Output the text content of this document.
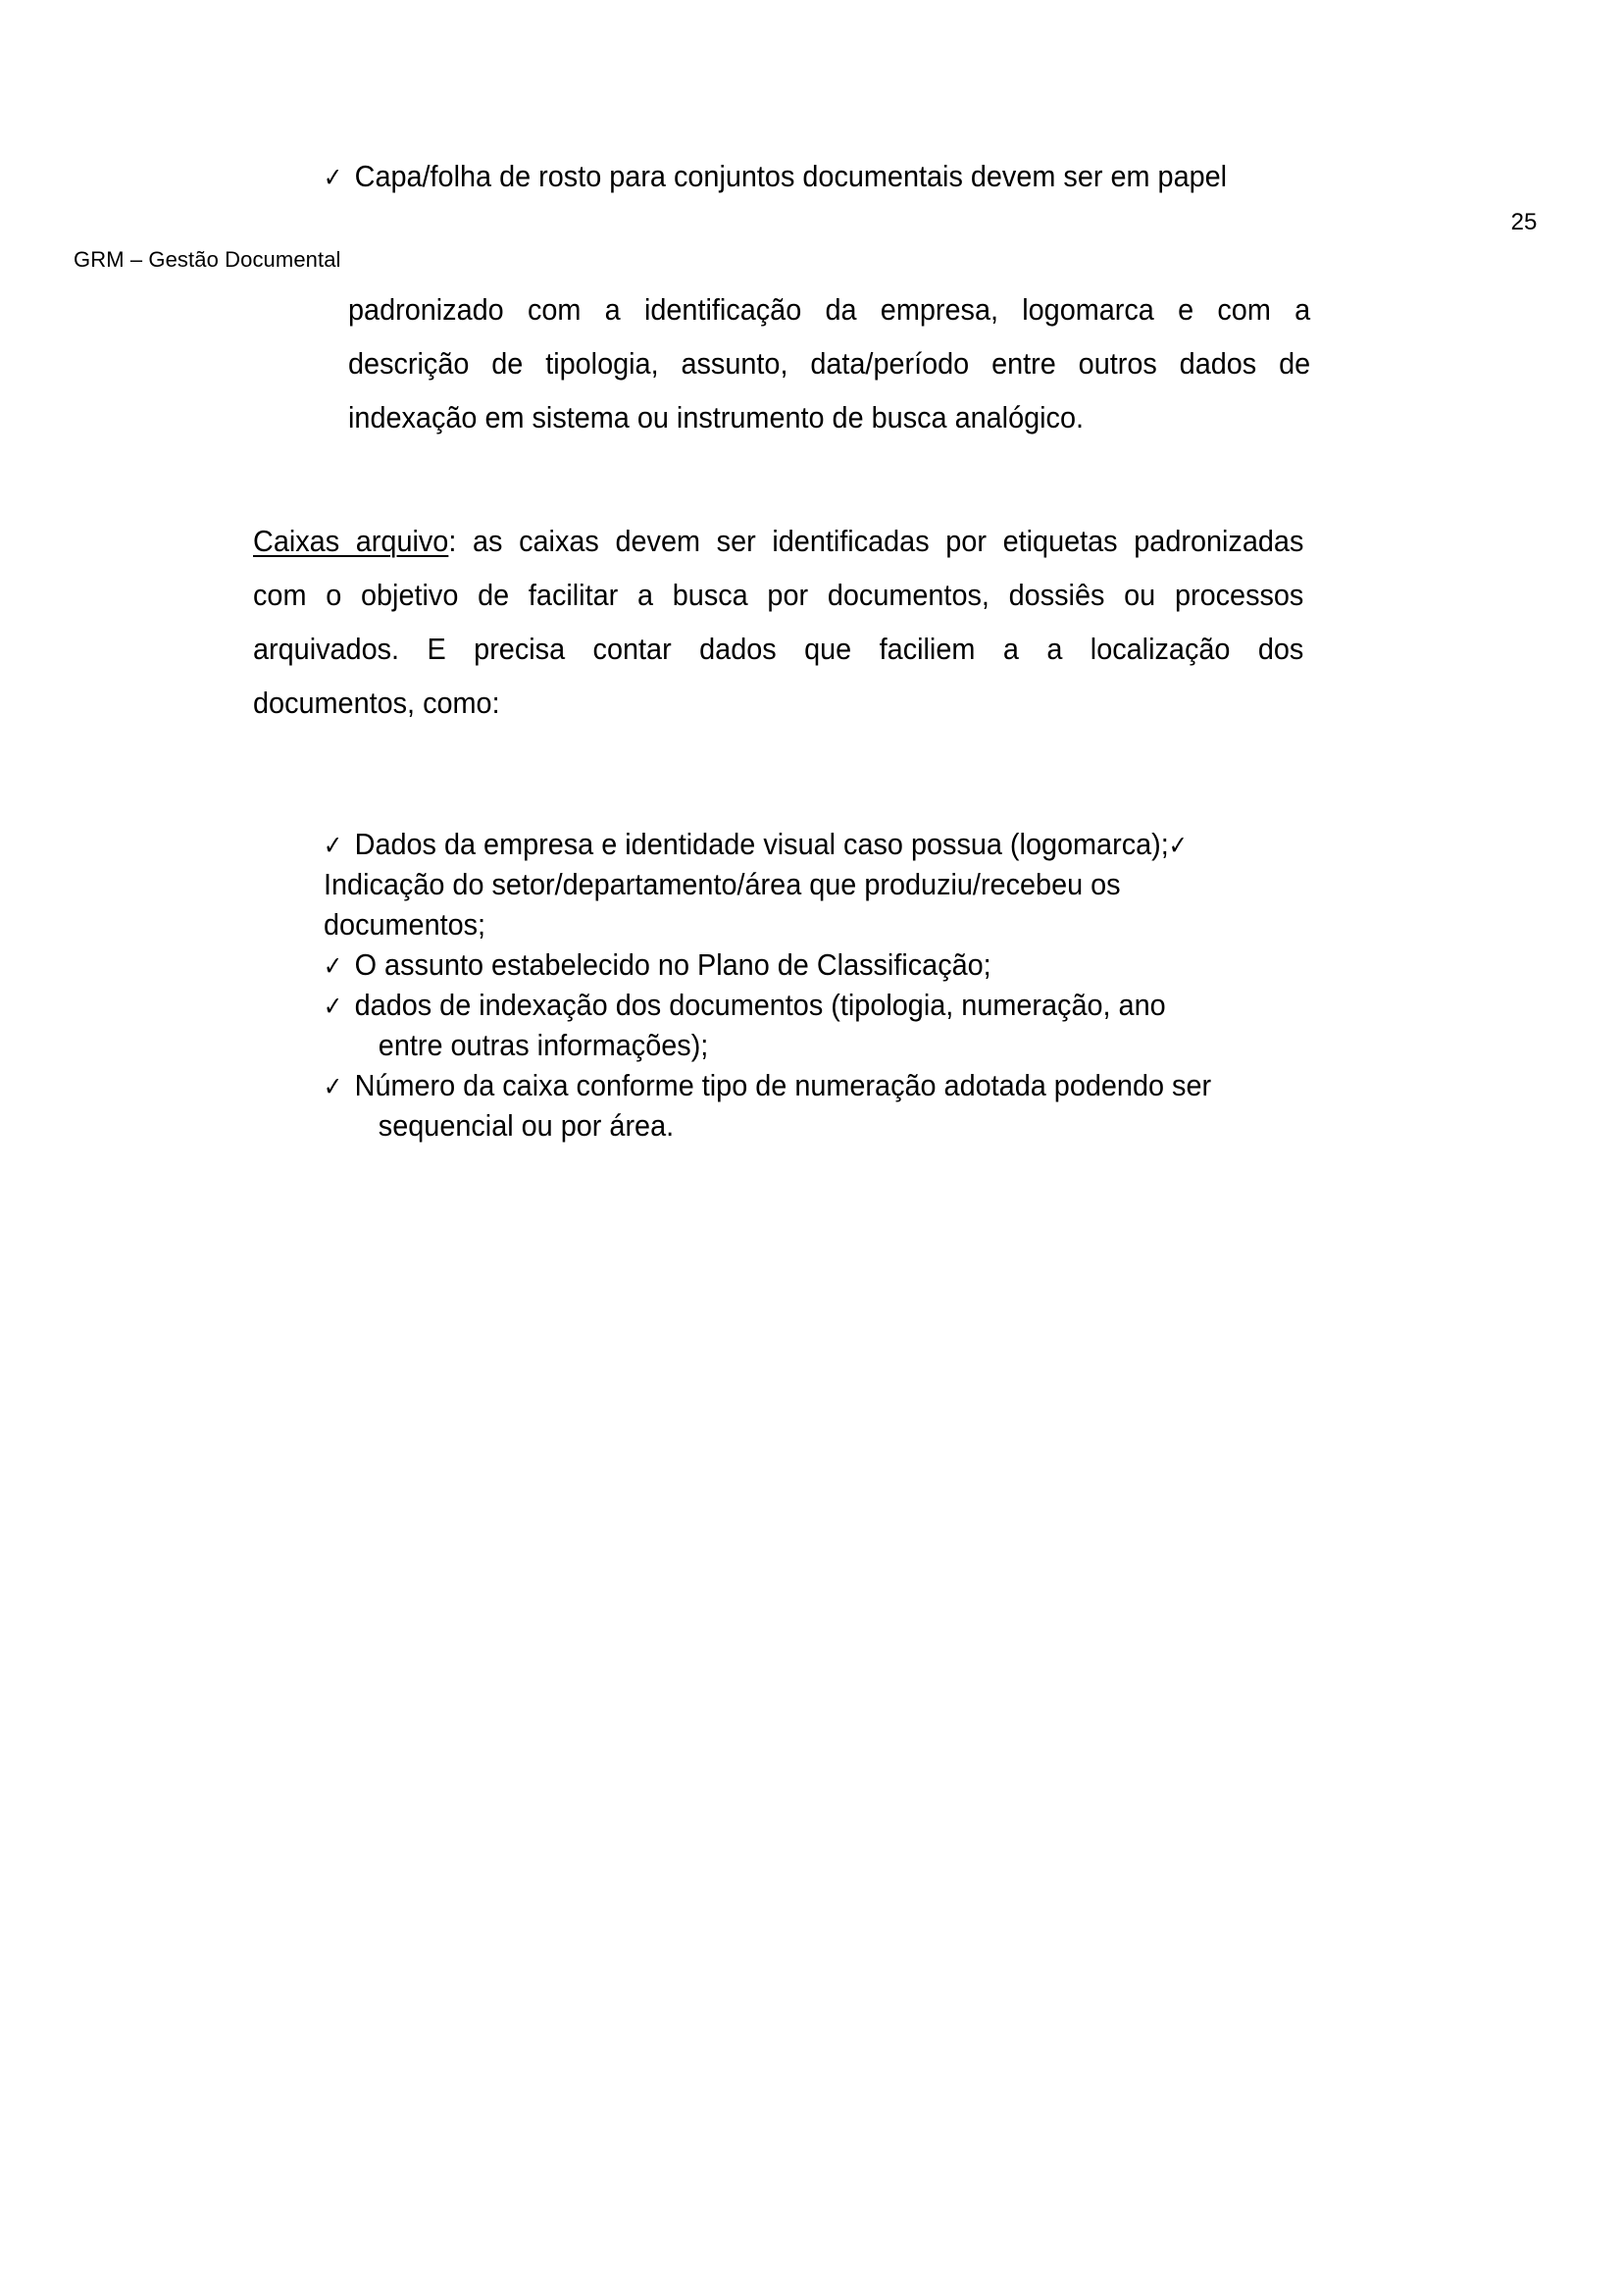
25
GRM – Gestão Documental
✓ Capa/folha de rosto para conjuntos documentais devem ser em papel
padronizado com a identificação da empresa, logomarca e com a
descrição de tipologia, assunto, data/período entre outros dados de
indexação em sistema ou instrumento de busca analógico.
Caixas arquivo: as caixas devem ser identificadas por etiquetas padronizadas
com o objetivo de facilitar a busca por documentos, dossiês ou processos
arquivados. E precisa contar dados que faciliem a a localização dos
documentos, como:
✓ Dados da empresa e identidade visual caso possua (logomarca);✓
Indicação do setor/departamento/área que produziu/recebeu os
documentos;
✓ O assunto estabelecido no Plano de Classificação;
✓ dados de indexação dos documentos (tipologia, numeração, ano
entre outras informações);
✓ Número da caixa conforme tipo de numeração adotada podendo ser
sequencial ou por área.
